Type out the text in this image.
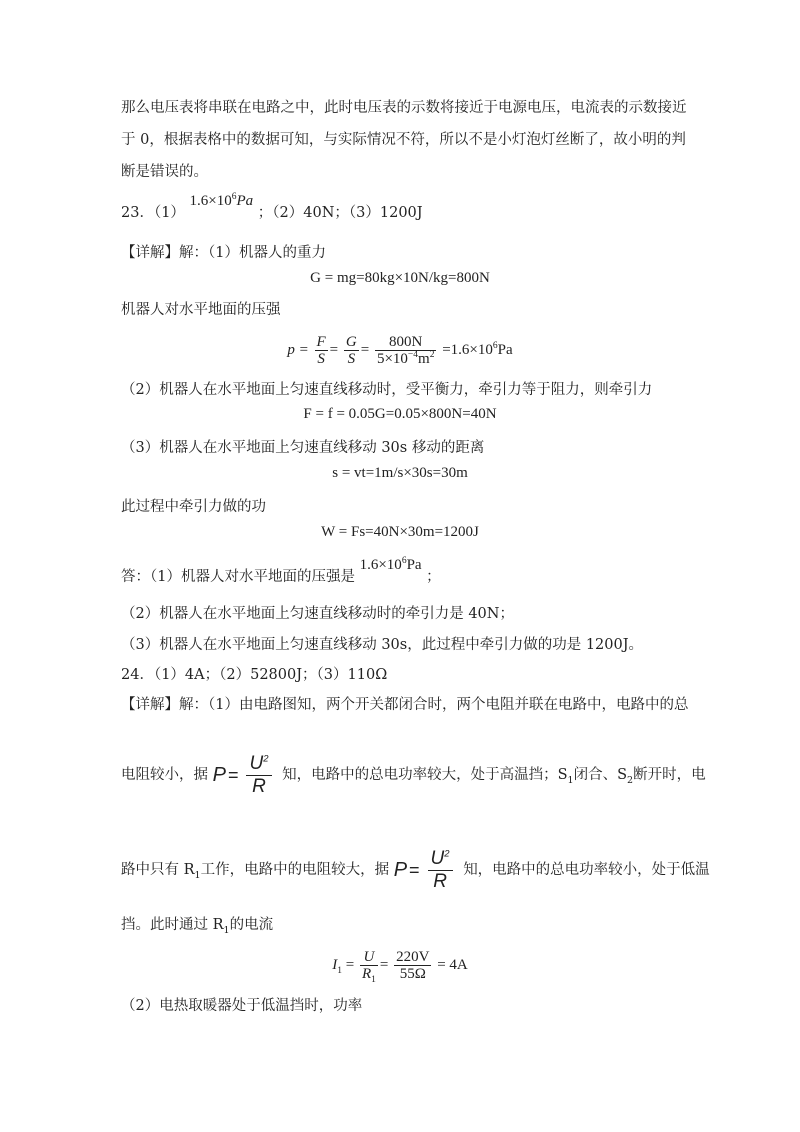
那么电压表将串联在电路之中，此时电压表的示数将接近于电源电压，电流表的示数接近
于 0，根据表格中的数据可知，与实际情况不符，所以不是小灯泡灯丝断了，故小明的判
断是错误的。
23．（1） $1.6\times 10^6Pa$ ；（2）40N；（3）1200J
【详解】解：（1）机器人的重力
G = mg=80kg×10N/kg=800N
机器人对水平地面的压强
$p = \frac{F}{S} = \frac{G}{S} = \frac{800N}{5\times 10^{-4}m^2} =1.6\times 10^6Pa$
（2）机器人在水平地面上匀速直线移动时，受平衡力，牵引力等于阻力，则牵引力
F = f = 0.05G=0.05×800N=40N
（3）机器人在水平地面上匀速直线移动 30s 移动的距离
s = vt=1m/s×30s=30m
此过程中牵引力做的功
W = Fs=40N×30m=1200J
答：（1）机器人对水平地面的压强是 $1.6\times 10^6Pa$ ；
（2）机器人在水平地面上匀速直线移动时的牵引力是 40N；
（3）机器人在水平地面上匀速直线移动 30s，此过程中牵引力做的功是 1200J。
24．（1）4A；（2）52800J；（3）110Ω
【详解】解：（1）由电路图知，两个开关都闭合时，两个电阻并联在电路中，电路中的总
电阻较小，据 $P = \frac{U^2}{R}$ 知，电路中的总电功率较大，处于高温挡；$S_1$闭合、$S_2$断开时，电
路中只有 $R_1$工作，电路中的电阻较大，据 $P = \frac{U^2}{R}$ 知，电路中的总电功率较小，处于低温
挡。此时通过 $R_1$的电流
$I_1 = \frac{U}{R_1} = \frac{220V}{55\Omega} = 4A$
（2）电热取暖器处于低温挡时，功率
